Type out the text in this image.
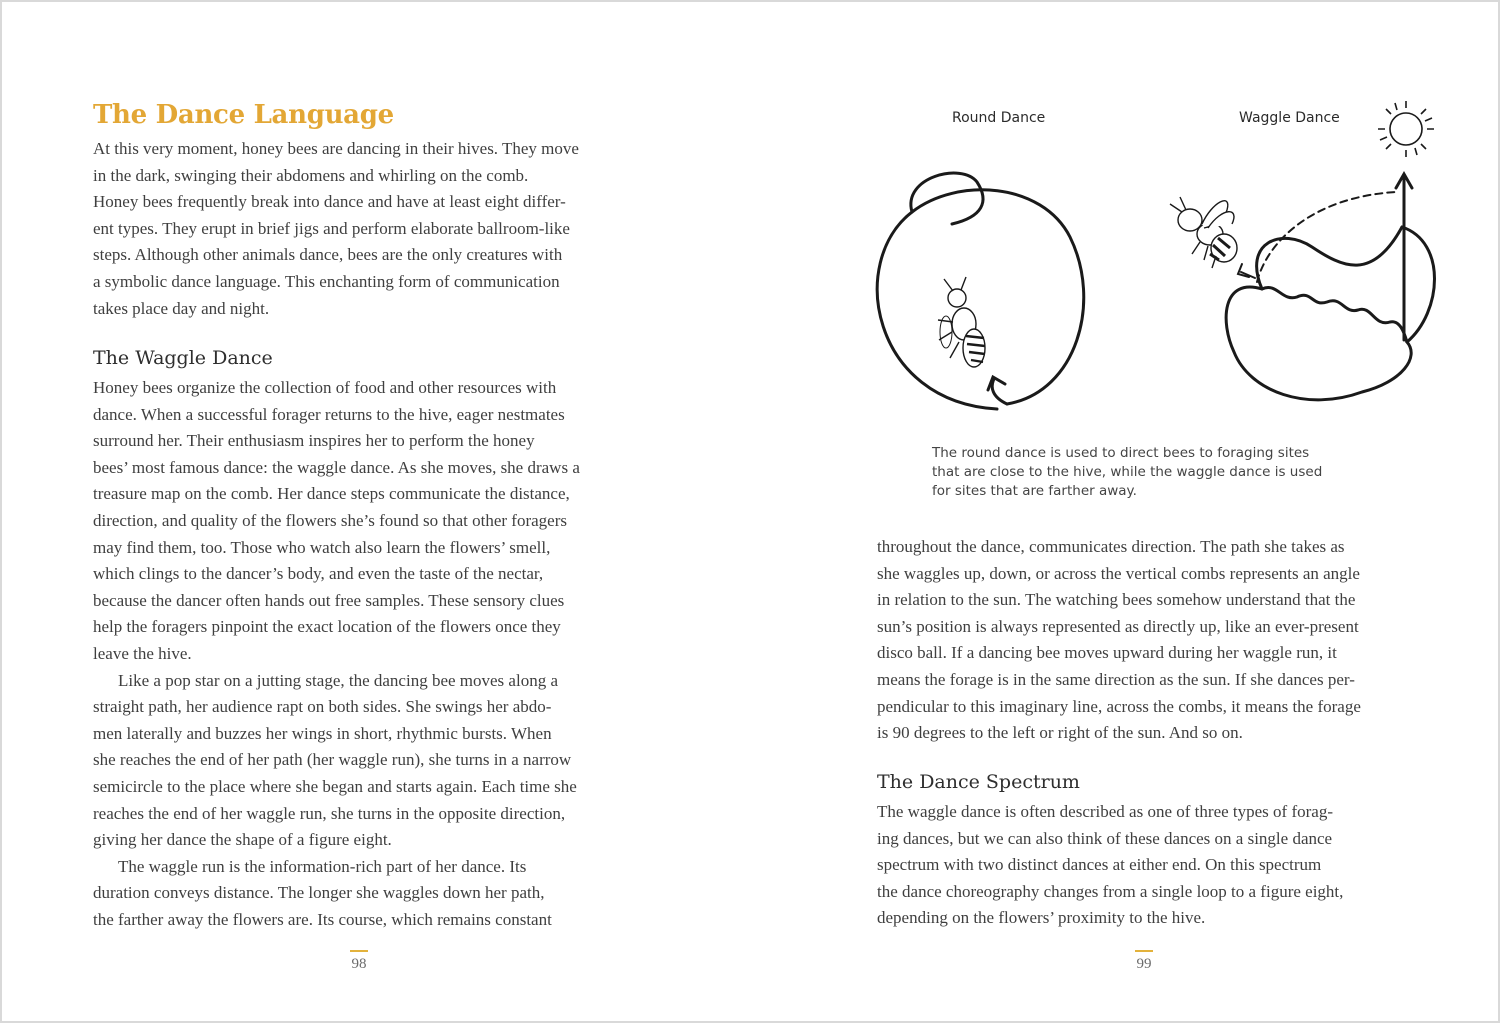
The Dance Language

At this very moment, honey bees are dancing in their hives. They move
in the dark, swinging their abdomens and whirling on the comb.
Honey bees frequently break into dance and have at least eight differ-
ent types. They erupt in brief jigs and perform elaborate ballroom-like
steps. Although other animals dance, bees are the only creatures with
a symbolic dance language. This enchanting form of communication
takes place day and night.

The Waggle Dance

Honey bees organize the collection of food and other resources with
dance. When a successful forager returns to the hive, eager nestmates
surround her. Their enthusiasm inspires her to perform the honey
bees’ most famous dance: the waggle dance. As she moves, she draws a
treasure map on the comb. Her dance steps communicate the distance,
direction, and quality of the flowers she’s found so that other foragers
may find them, too. Those who watch also learn the flowers’ smell,
which clings to the dancer’s body, and even the taste of the nectar,
because the dancer often hands out free samples. These sensory clues
help the foragers pinpoint the exact location of the flowers once they
leave the hive.
Like a pop star on a jutting stage, the dancing bee moves along a
straight path, her audience rapt on both sides. She swings her abdo-
men laterally and buzzes her wings in short, rhythmic bursts. When
she reaches the end of her path (her waggle run), she turns in a narrow
semicircle to the place where she began and starts again. Each time she
reaches the end of her waggle run, she turns in the opposite direction,
giving her dance the shape of a figure eight.
The waggle run is the information-rich part of her dance. Its
duration conveys distance. The longer she waggles down her path,
the farther away the flowers are. Its course, which remains constant

98
Round Dance	Waggle Dance

The round dance is used to direct bees to foraging sites
that are close to the hive, while the waggle dance is used
for sites that are farther away.

throughout the dance, communicates direction. The path she takes as
she waggles up, down, or across the vertical combs represents an angle
in relation to the sun. The watching bees somehow understand that the
sun’s position is always represented as directly up, like an ever-present
disco ball. If a dancing bee moves upward during her waggle run, it
means the forage is in the same direction as the sun. If she dances per-
pendicular to this imaginary line, across the combs, it means the forage
is 90 degrees to the left or right of the sun. And so on.

The Dance Spectrum

The waggle dance is often described as one of three types of forag-
ing dances, but we can also think of these dances on a single dance
spectrum with two distinct dances at either end. On this spectrum
the dance choreography changes from a single loop to a figure eight,
depending on the flowers’ proximity to the hive.

99
